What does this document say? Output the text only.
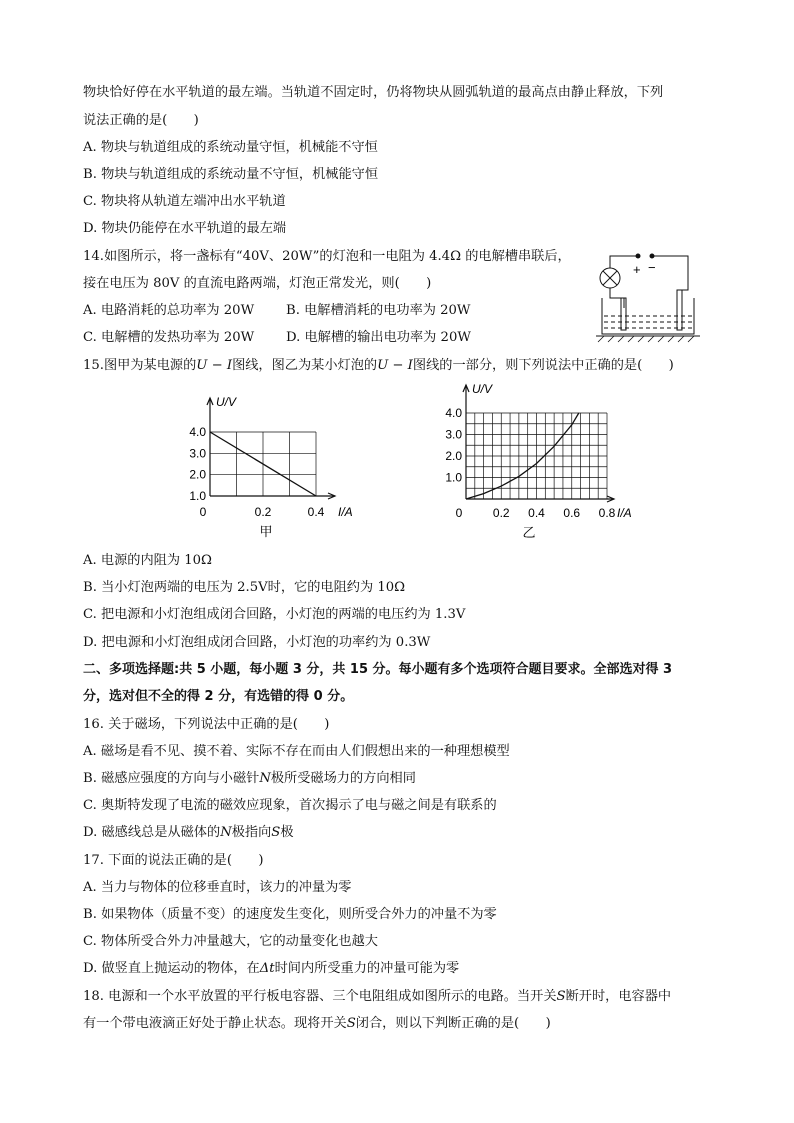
物块恰好停在水平轨道的最左端。当轨道不固定时，仍将物块从圆弧轨道的最高点由静止释放，下列
说法正确的是(　　)
A. 物块与轨道组成的系统动量守恒，机械能不守恒
B. 物块与轨道组成的系统动量不守恒，机械能守恒
C. 物块将从轨道左端冲出水平轨道
D. 物块仍能停在水平轨道的最左端
14.如图所示，将一盏标有“40V、20W”的灯泡和一电阻为 4.4Ω 的电解槽串联后，
接在电压为 80V 的直流电路两端，灯泡正常发光，则(　　)
A. 电路消耗的总功率为 20W B. 电解槽消耗的电功率为 20W
C. 电解槽的发热功率为 20W D. 电解槽的输出电功率为 20W
+ −
15.图甲为某电源的U − I图线，图乙为某小灯泡的U − I图线的一部分，则下列说法中正确的是(　　)
1.0
2.0
3.0
4.0
0.2	0.4
0
U/V
I/A
甲
1.0
2.0
3.0
4.0
0.2 0.4 0.6 0.8
0
U/V
I/A
乙
A. 电源的内阻为 10Ω
B. 当小灯泡两端的电压为 2.5V时，它的电阻约为 10Ω
C. 把电源和小灯泡组成闭合回路，小灯泡的两端的电压约为 1.3V
D. 把电源和小灯泡组成闭合回路，小灯泡的功率约为 0.3W
二、多项选择题:共 5 小题，每小题 3 分，共 15 分。每小题有多个选项符合题目要求。全部选对得 3
分，选对但不全的得 2 分，有选错的得 0 分。
16. 关于磁场，下列说法中正确的是(　　)
A. 磁场是看不见、摸不着、实际不存在而由人们假想出来的一种理想模型
B. 磁感应强度的方向与小磁针N极所受磁场力的方向相同
C. 奥斯特发现了电流的磁效应现象，首次揭示了电与磁之间是有联系的
D. 磁感线总是从磁体的N极指向S极
17. 下面的说法正确的是(　　)
A. 当力与物体的位移垂直时，该力的冲量为零
B. 如果物体（质量不变）的速度发生变化，则所受合外力的冲量不为零
C. 物体所受合外力冲量越大，它的动量变化也越大
D. 做竖直上抛运动的物体，在Δt时间内所受重力的冲量可能为零
18. 电源和一个水平放置的平行板电容器、三个电阻组成如图所示的电路。当开关S断开时，电容器中
有一个带电液滴正好处于静止状态。现将开关S闭合，则以下判断正确的是(　　)
